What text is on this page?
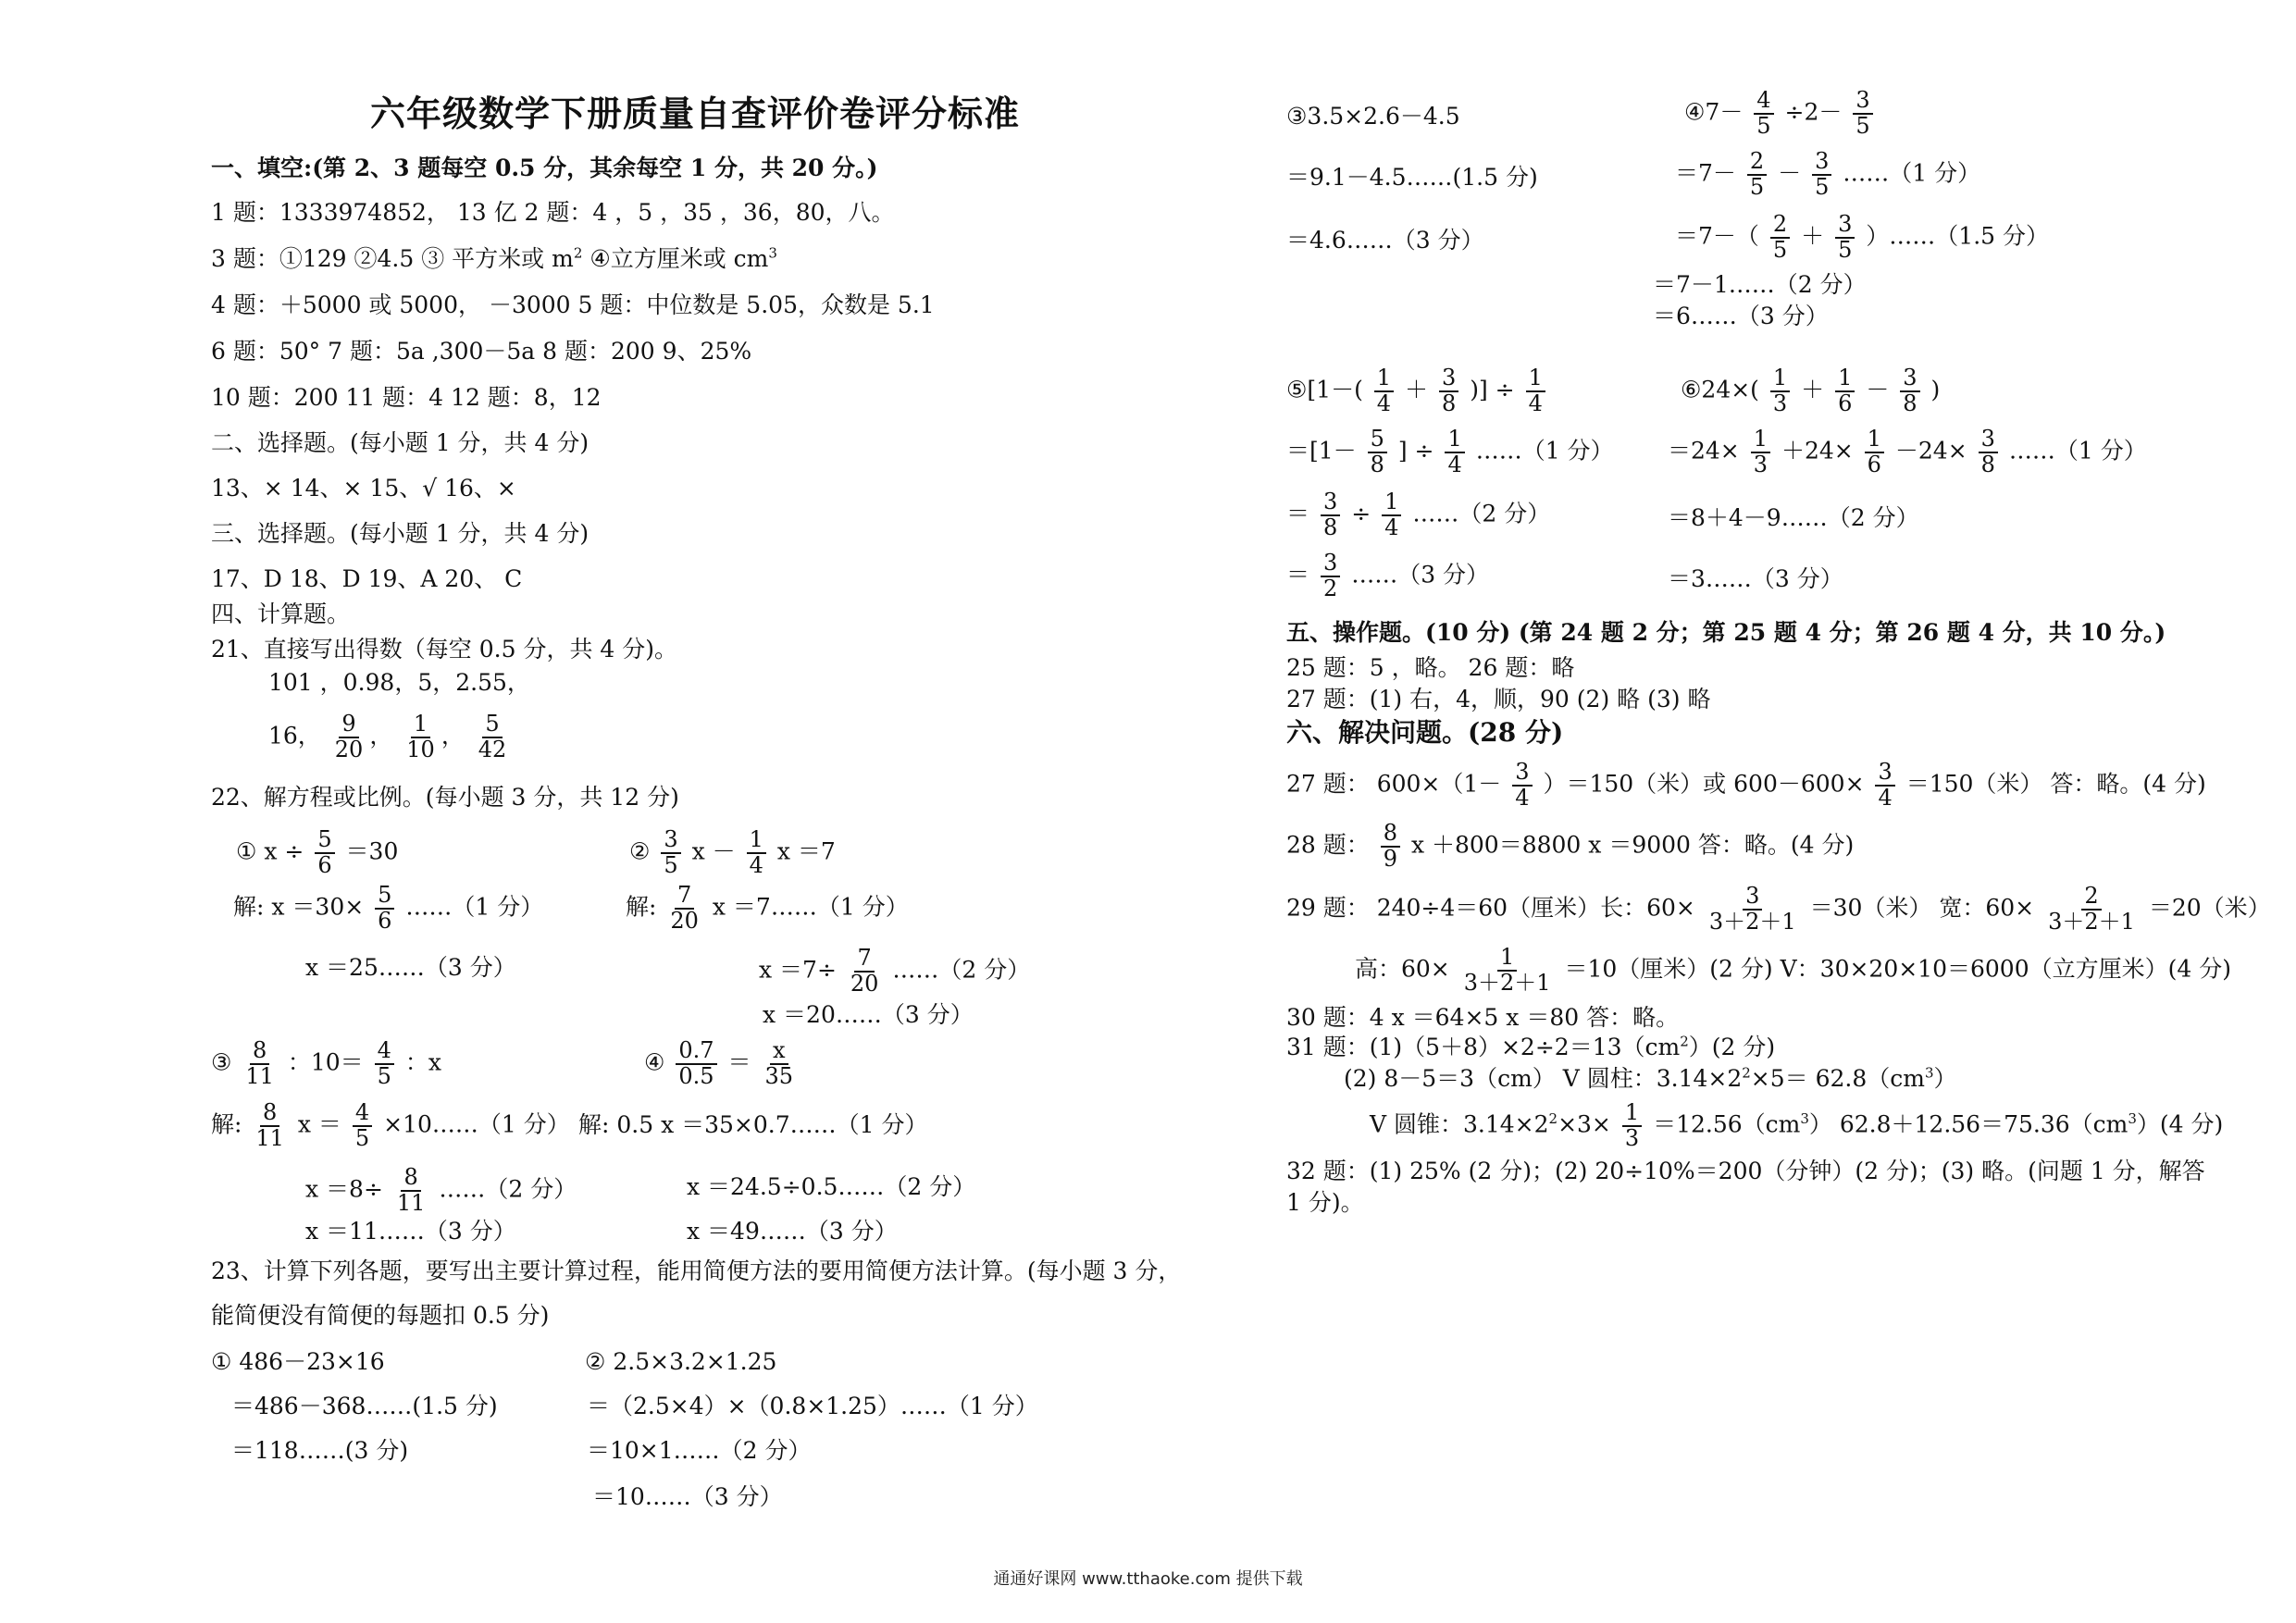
六年级数学下册质量自查评价卷评分标准
一、填空:(第 2、3 题每空 0.5 分，其余每空 1 分，共 20 分。)
1 题：1333974852， 13 亿 2 题：4 ，5 ，35 ，36，80，八。
3 题：①129 ②4.5 ③ 平方米或 $m^2$ ④立方厘米或 $cm^3$
4 题：＋5000 或 5000， －3000 5 题：中位数是 5.05，众数是 5.1
6 题：50° 7 题：5a ,300－5a 8 题：200 9、25%
10 题：200 11 题：4 12 题：8，12
二、选择题。(每小题 1 分，共 4 分)
13、× 14、× 15、√ 16、×
三、选择题。(每小题 1 分，共 4 分)
17、D 18、D 19、A 20、 C
四、计算题。
21、直接写出得数（每空 0.5 分，共 4 分)。
101 ，0.98，5，2.55，
16， $\frac{9}{20}$ ， $\frac{1}{10}$ ， $\frac{5}{42}$
22、解方程或比例。(每小题 3 分，共 12 分)
① $x \div \frac{5}{6} =30$	② $\frac{3}{5}$ $x - \frac{1}{4}$ x ＝7
解: $x =30\times \frac{5}{6}$ ……（1 分）	解: $\frac{7}{20}$ x ＝7……（1 分）
x ＝25……（3 分）	$x =7\div \frac{7}{20}$ ……（2 分）
x ＝20……（3 分）
③ $\frac{8}{11}$ ：$10= \frac{4}{5}$ ：x	④ $\frac{0.7}{0.5} = \frac{x}{35}$
解: $\frac{8}{11}$ $x = \frac{4}{5}$ ×10……（1 分） 解: 0.5 x ＝35×0.7……（1 分）
$x =8\div \frac{8}{11}$ ……（2 分）	x ＝24.5÷0.5……（2 分）
x ＝11……（3 分）	x ＝49……（3 分）
23、计算下列各题，要写出主要计算过程，能用简便方法的要用简便方法计算。(每小题 3 分，
能简便没有简便的每题扣 0.5 分)
① 486－23×16	② 2.5×3.2×1.25
＝486－368……(1.5 分)	＝（2.5×4）×（0.8×1.25）……（1 分）
＝118……(3 分)	＝10×1……（2 分）
＝10……（3 分）
③3.5×2.6－4.5	④7－ $\frac{4}{5} \div 2- \frac{3}{5}$
＝9.1－4.5……(1.5 分)	$=7- \frac{2}{5} - \frac{3}{5}$ ……（1 分）
＝4.6……（3 分）	$=7-( \frac{2}{5} + \frac{3}{5}$ ）……（1.5 分）
＝7－1……（2 分）
＝6……（3 分）
⑤[1－( $\frac{1}{4} + \frac{3}{8}$ )] ÷ $\frac{1}{4}$	⑥24×( $\frac{1}{3} + \frac{1}{6} - \frac{3}{8}$ )
$=[1- \frac{5}{8}$ ] ÷ $\frac{1}{4}$ ……（1 分） $=24\times \frac{1}{3} +24\times \frac{1}{6} -24\times \frac{3}{8}$ ……（1 分）
＝ $\frac{3}{8} \div \frac{1}{4}$ ……（2 分）	＝8＋4－9……（2 分）
＝ $\frac{3}{2}$ ……（3 分）	＝3……（3 分）
五、操作题。(10 分) (第 24 题 2 分；第 25 题 4 分；第 26 题 4 分，共 10 分。)
25 题：5 ，略。 26 题：略
27 题：(1) 右，4，顺，90 (2) 略 (3) 略
六、解决问题。(28 分)
27 题： $600\times(1- \frac{3}{4} )=150$（米）或 $600-600\times \frac{3}{4} =150$（米） 答：略。(4 分)
28 题： $\frac{8}{9}$ x ＋800＝8800 x ＝9000 答：略。(4 分)
29 题： 240÷4＝60（厘米）长：$60\times \frac{3}{3+2+1} =30$（米） 宽：$60\times \frac{2}{3+2+1} =20$（米）
高：$60\times \frac{1}{3+2+1} =10$（厘米）(2 分) V：30×20×10＝6000（立方厘米）(4 分)
30 题：4 x ＝64×5 x ＝80 答：略。
31 题：$(1)(5+8)\times 2\div 2=13(cm^2)(2$ 分)
(2) 8－5＝3（cm） V 圆柱：$3.14\times 2^2\times 5= 62.8(cm^3)$
V 圆锥：$3.14\times 2^2\times 3\times \frac{1}{3} =12.56(cm^3)$ $62.8+12.56=75.36(cm^3)(4$ 分)
32 题：(1) 25% (2 分)；(2) 20÷10%＝200（分钟）(2 分)；(3) 略。(问题 1 分，解答
1 分)。
通通好课网 www.tthaoke.com 提供下载
